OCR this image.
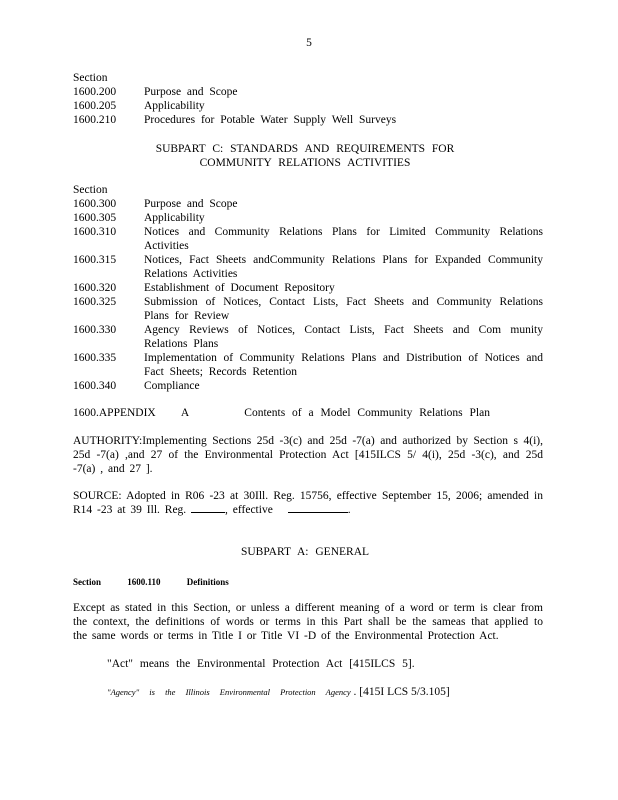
5
Section
1600.200	Purpose and Scope
1600.205	Applicability
1600.210	Procedures for Potable Water Supply Well Surveys
SUBPART C: STANDARDS AND REQUIREMENTS FOR
COMMUNITY RELATIONS ACTIVITIES
Section
1600.300	Purpose and Scope
1600.305	Applicability
1600.310	Notices and Community Relations Plans for Limited Community Relations Activities
1600.315	Notices, Fact Sheets andCommunity Relations Plans for Expanded Community Relations Activities
1600.320	Establishment of Document Repository
1600.325	Submission of Notices, Contact Lists, Fact Sheets and Community Relations Plans for Review
1600.330	Agency Reviews of Notices, Contact Lists, Fact Sheets and Com munity Relations Plans
1600.335	Implementation of Community Relations Plans and Distribution of Notices and Fact Sheets; Records Retention
1600.340	Compliance
1600.APPENDIX A	Contents of a Model Community Relations Plan
AUTHORITY:Implementing Sections 25d -3(c) and 25d -7(a) and authorized by Section s 4(i), 25d -7(a) ,and 27 of the Environmental Protection Act [415ILCS 5/ 4(i), 25d -3(c), and 25d -7(a) , and 27 ].
SOURCE: Adopted in R06 -23 at 30Ill. Reg. 15756, effective September 15, 2006; amended in R14 -23 at 39 Ill. Reg.	, effective	.
SUBPART A: GENERAL
Section	1600.110	Definitions
Except as stated in this Section, or unless a different meaning of a word or term is clear from the context, the definitions of words or terms in this Part shall be the sameas that applied to the same words or terms in Title I or Title VI -D of the Environmental Protection Act.
"Act" means the Environmental Protection Act [415ILCS 5].
"Agency" is the Illinois Environmental Protection Agency . [415I LCS 5/3.105]
